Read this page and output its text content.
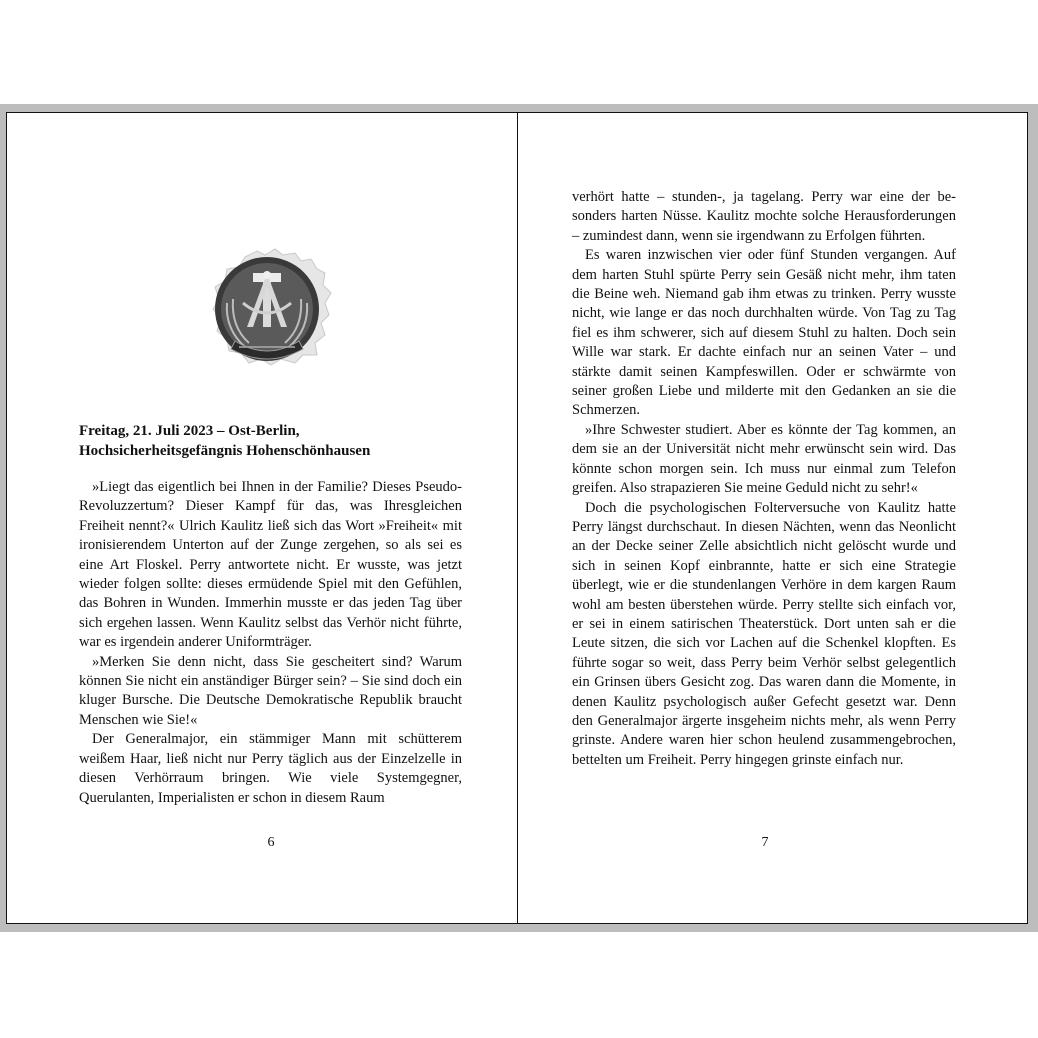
Freitag, 21. Juli 2023 – Ost-Berlin,
Hochsicherheitsgefängnis Hohenschönhausen

»Liegt das eigentlich bei Ihnen in der Familie? Dieses Pseudo-Revoluzzertum? Dieser Kampf für das, was Ihresgleichen Freiheit nennt?« Ulrich Kaulitz ließ sich das Wort »Freiheit« mit ironisierendem Unterton auf der Zunge zergehen, so als sei es eine Art Floskel. Perry antwortete nicht. Er wusste, was jetzt wieder folgen sollte: dieses ermüdende Spiel mit den Gefühlen, das Bohren in Wunden. Immerhin musste er das jeden Tag über sich ergehen lassen. Wenn Kaulitz selbst das Verhör nicht führte, war es irgendein anderer Uniformträger.

»Merken Sie denn nicht, dass Sie gescheitert sind? Warum können Sie nicht ein anständiger Bürger sein? – Sie sind doch ein kluger Bursche. Die Deutsche Demokratische Republik braucht Menschen wie Sie!«

Der Generalmajor, ein stämmiger Mann mit schütterem weißem Haar, ließ nicht nur Perry täglich aus der Einzelzelle in diesen Verhörraum bringen. Wie viele Systemgegner, Querulanten, Imperialisten er schon in diesem Raum

6

verhört hatte – stunden-, ja tagelang. Perry war eine der besonders harten Nüsse. Kaulitz mochte solche Herausforderungen – zumindest dann, wenn sie irgendwann zu Erfolgen führten.

Es waren inzwischen vier oder fünf Stunden vergangen. Auf dem harten Stuhl spürte Perry sein Gesäß nicht mehr, ihm taten die Beine weh. Niemand gab ihm etwas zu trinken. Perry wusste nicht, wie lange er das noch durchhalten würde. Von Tag zu Tag fiel es ihm schwerer, sich auf diesem Stuhl zu halten. Doch sein Wille war stark. Er dachte einfach nur an seinen Vater – und stärkte damit seinen Kampfeswillen. Oder er schwärmte von seiner großen Liebe und milderte mit den Gedanken an sie die Schmerzen.

»Ihre Schwester studiert. Aber es könnte der Tag kommen, an dem sie an der Universität nicht mehr erwünscht sein wird. Das könnte schon morgen sein. Ich muss nur einmal zum Telefon greifen. Also strapazieren Sie meine Geduld nicht zu sehr!«

Doch die psychologischen Folterversuche von Kaulitz hatte Perry längst durchschaut. In diesen Nächten, wenn das Neonlicht an der Decke seiner Zelle absichtlich nicht gelöscht wurde und sich in seinen Kopf einbrannte, hatte er sich eine Strategie überlegt, wie er die stundenlangen Verhöre in dem kargen Raum wohl am besten überstehen würde. Perry stellte sich einfach vor, er sei in einem satirischen Theaterstück. Dort unten sah er die Leute sitzen, die sich vor Lachen auf die Schenkel klopften. Es führte sogar so weit, dass Perry beim Verhör selbst gelegentlich ein Grinsen übers Gesicht zog. Das waren dann die Momente, in denen Kaulitz psychologisch außer Gefecht gesetzt war. Denn den Generalmajor ärgerte insgeheim nichts mehr, als wenn Perry grinste. Andere waren hier schon heulend zusammengebrochen, bettelten um Freiheit. Perry hingegen grinste einfach nur.

7
